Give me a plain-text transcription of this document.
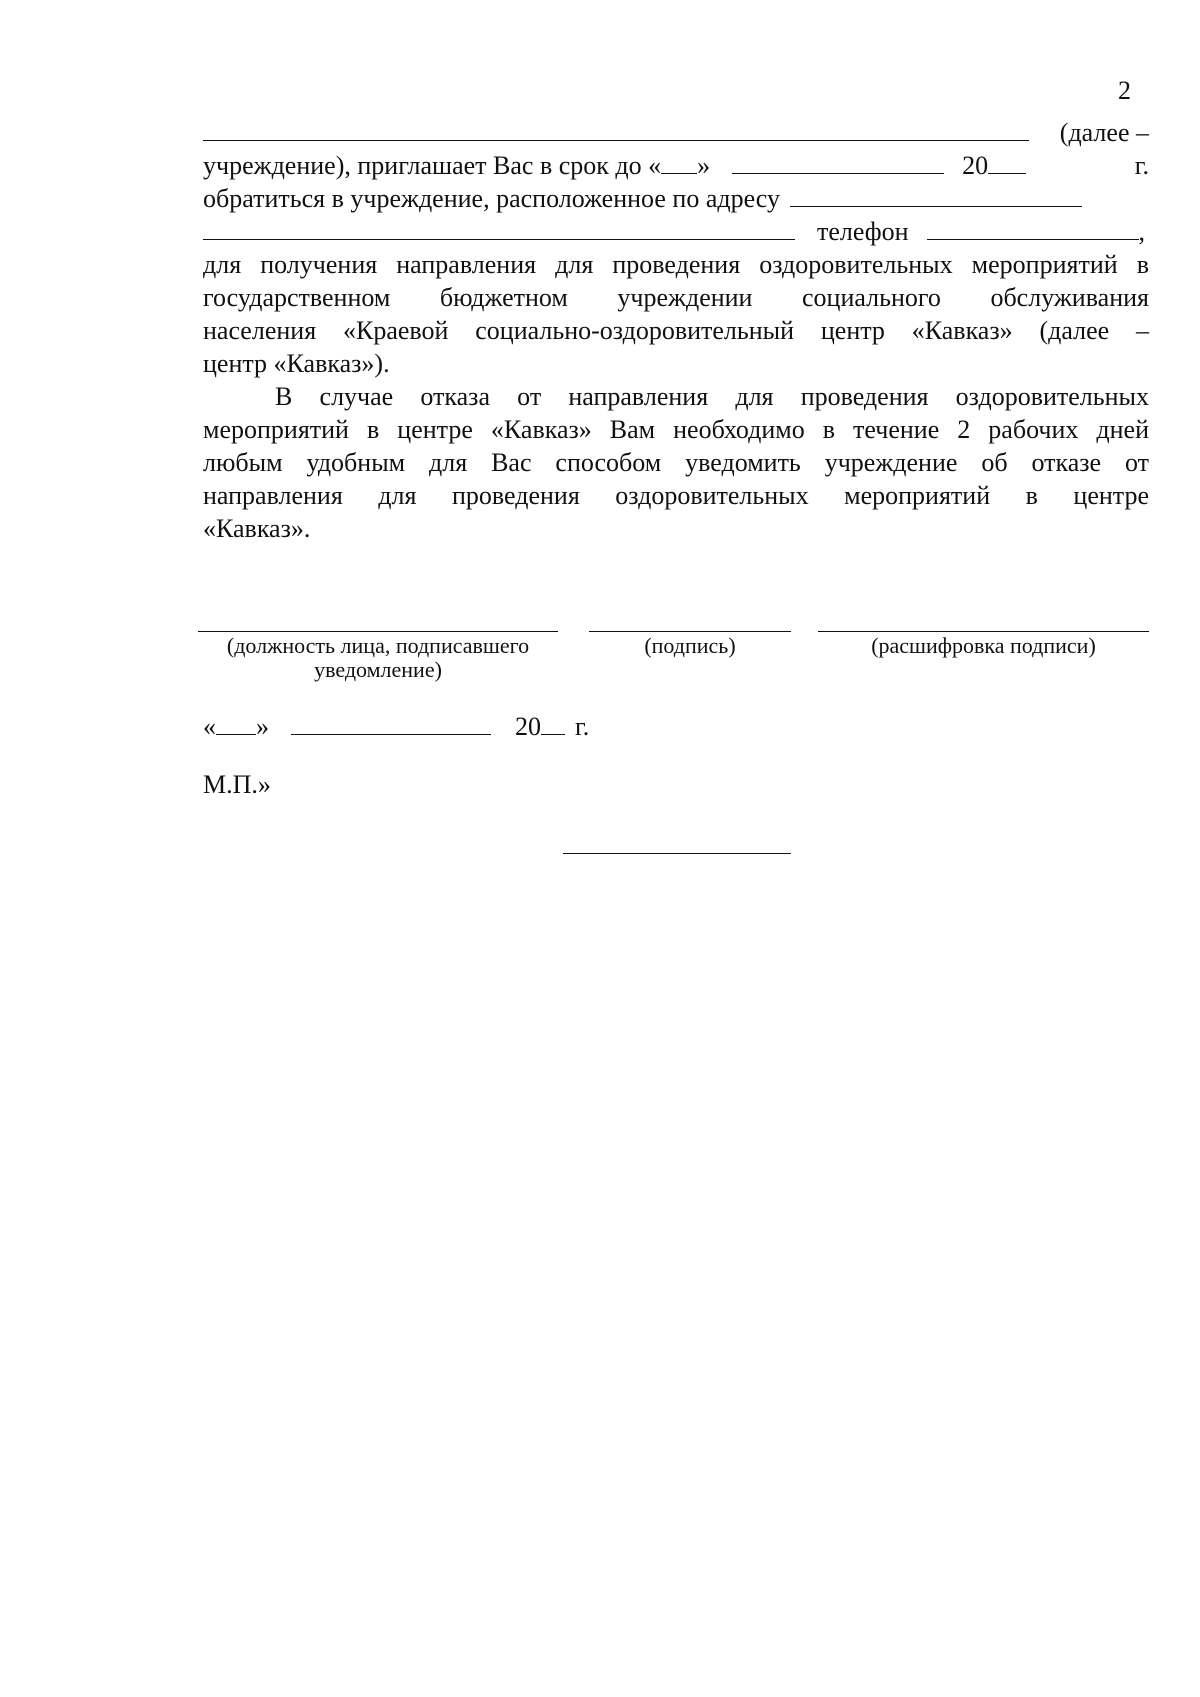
2
(далее –
учреждение), приглашает Вас в срок до « »	20	г.
обратиться в учреждение, расположенное по адресу
телефон	,
для получения направления для проведения оздоровительных мероприятий в
государственном бюджетном учреждении социального обслуживания
населения «Краевой социально-оздоровительный центр «Кавказ» (далее –
центр «Кавказ»).
В случае отказа от направления для проведения оздоровительных
мероприятий в центре «Кавказ» Вам необходимо в течение 2 рабочих дней
любым удобным для Вас способом уведомить учреждение об отказе от
направления для проведения оздоровительных мероприятий в центре
«Кавказ».
(должность лица, подписавшего уведомление)
(подпись)	(расшифровка подписи)
« »	20 г.
М.П.»
